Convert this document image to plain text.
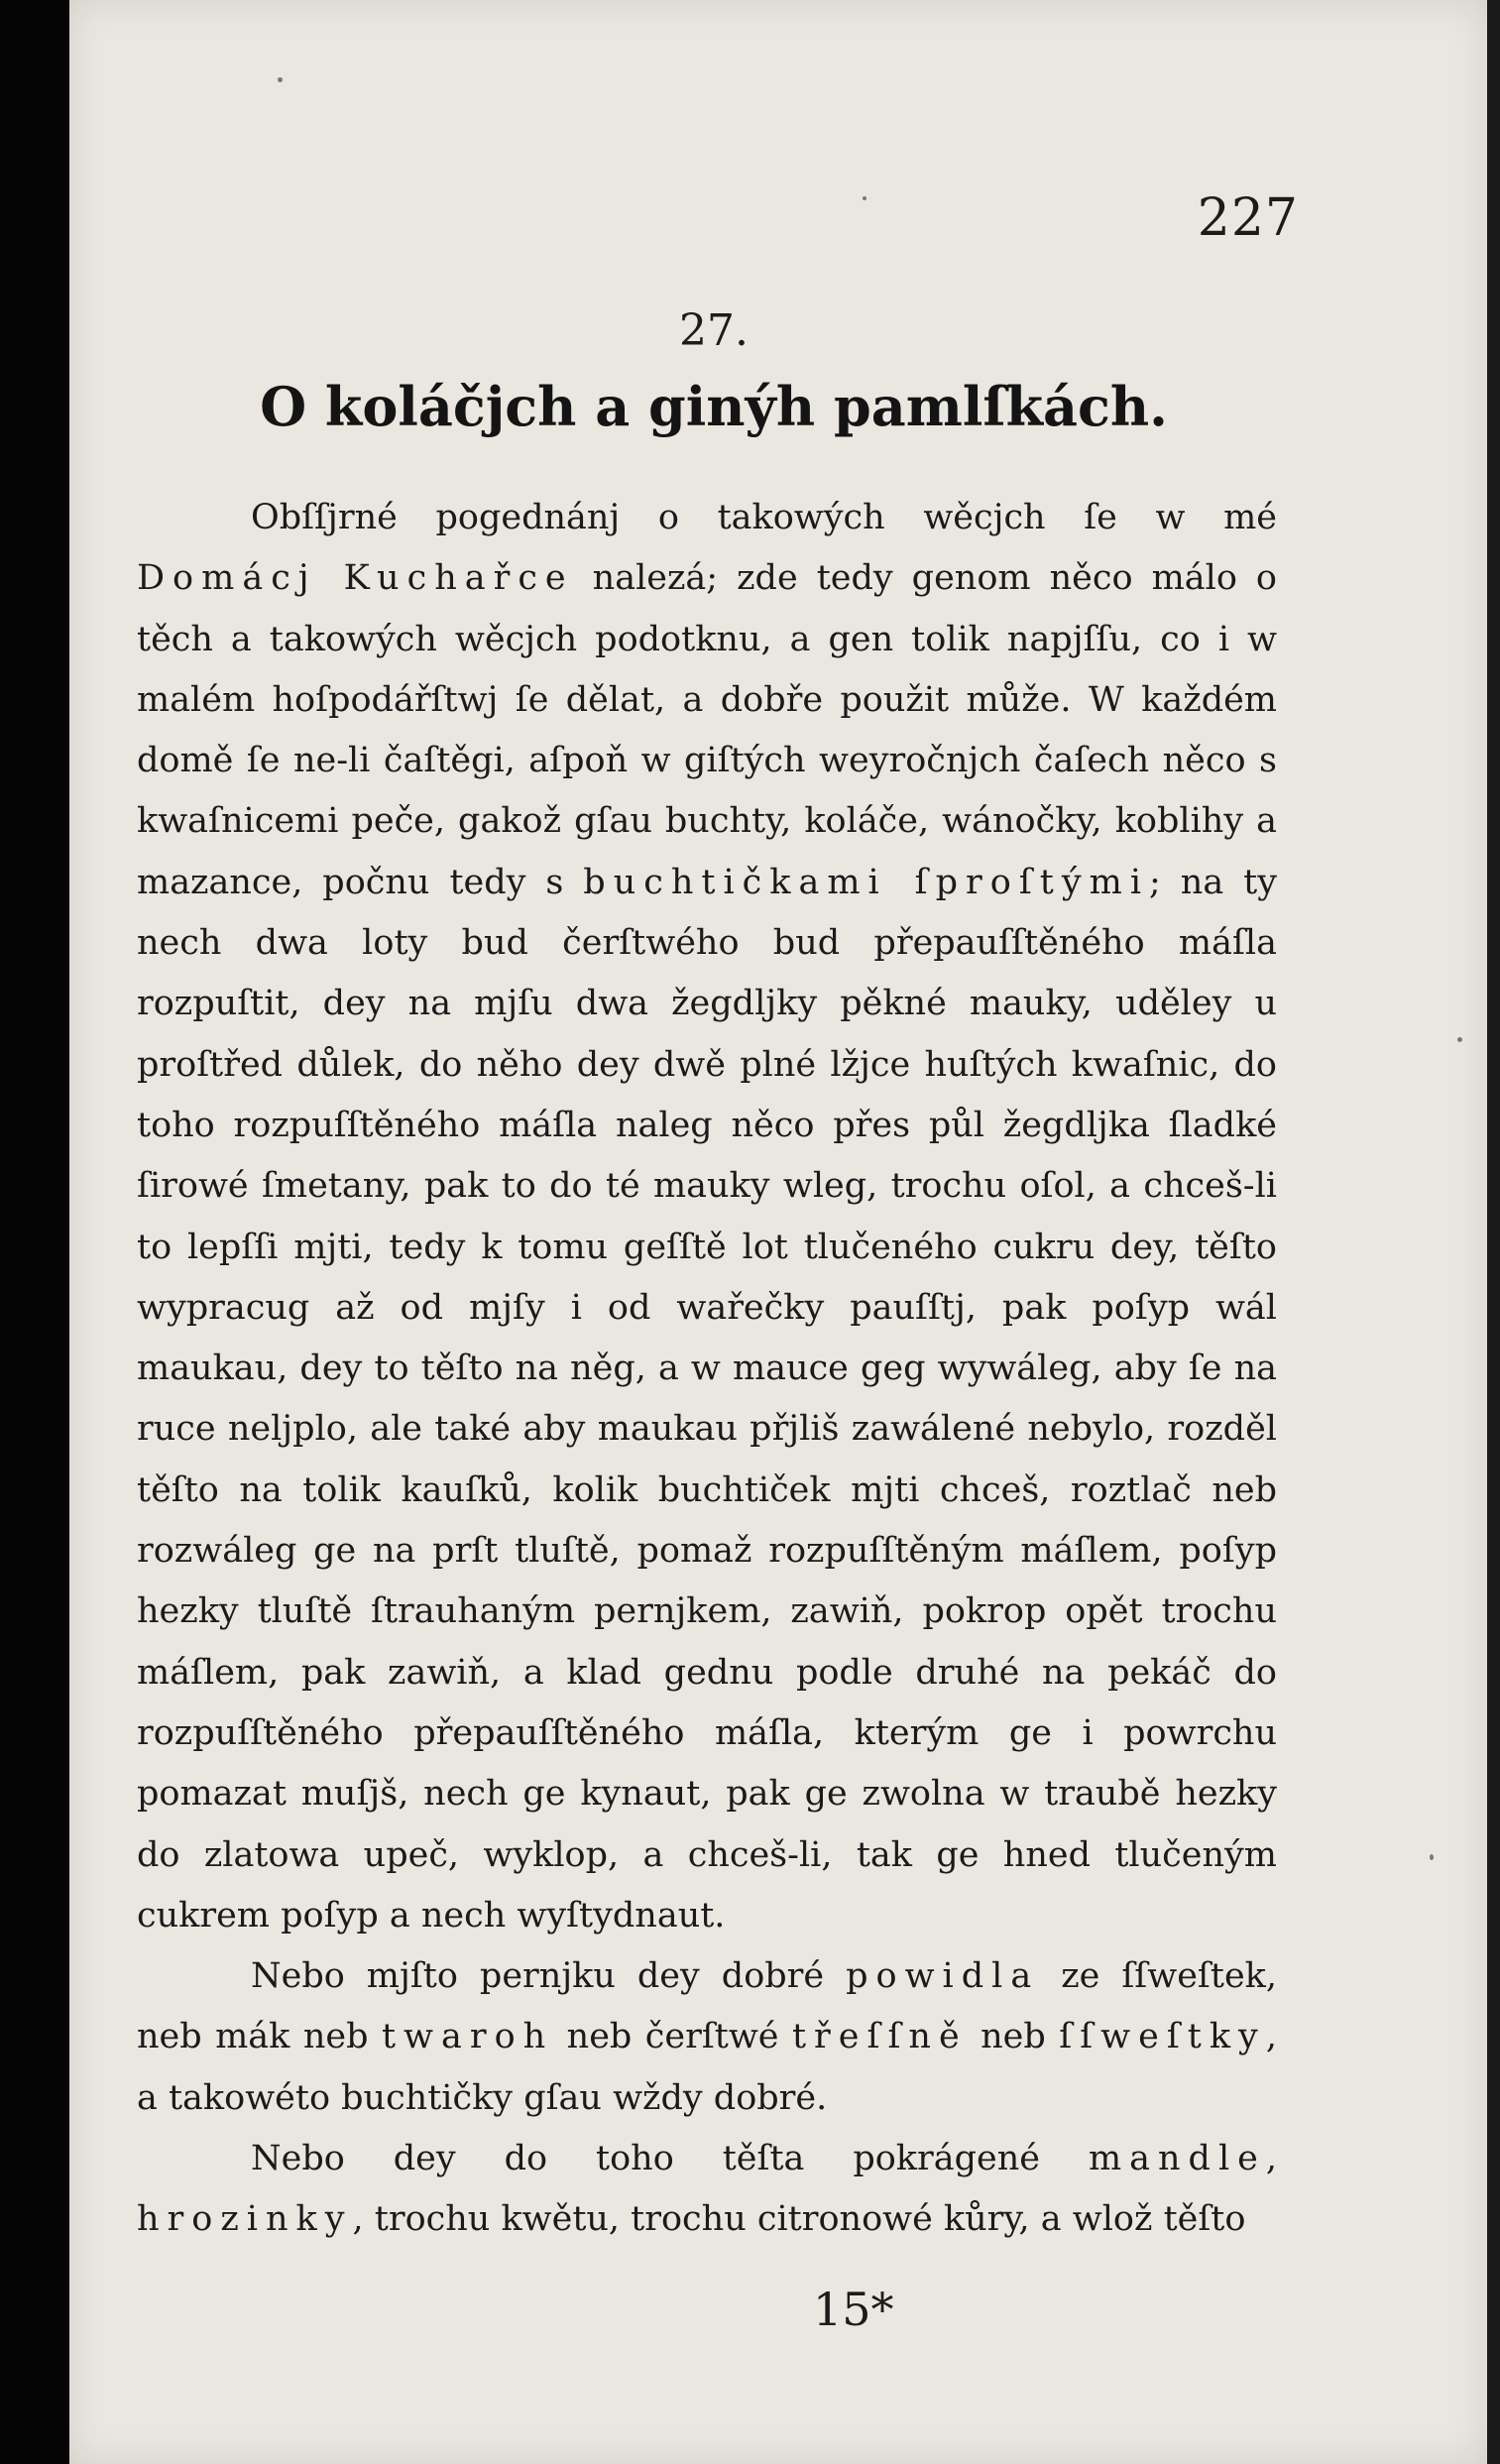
227
27.
O koláčjch a ginýh pamlſkách.

Obſſjrné pogednánj o takowých wěcjch ſe w mé Domácj Kuchařce nalezá; zde tedy genom něco málo o těch a takowých wěcjch podotknu, a gen tolik napjſſu, co i w malém hoſpodářſtwj ſe dělat, a dobře použit může. W každém domě ſe ne-li čaſtěgi, aſpoň w giſtých weyročnjch čaſech něco s kwaſnicemi peče, gakož gſau buchty, koláče, wánočky, koblihy a mazance, počnu tedy s buchtičkami ſproſtými; na ty nech dwa loty bud čerſtwého bud přepauſſtěného máſla rozpuſtit, dey na mjſu dwa žegdljky pěkné mauky, uděley u proſtřed důlek, do něho dey dwě plné lžjce huſtých kwaſnic, do toho rozpuſſtěného máſla naleg něco přes půl žegdljka ſladké ſirowé ſmetany, pak to do té mauky wleg, trochu oſol, a chceš-li to lepſſi mjti, tedy k tomu geſſtě lot tlučeného cukru dey, těſto wypracug až od mjſy i od wařečky pauſſtj, pak poſyp wál maukau, dey to těſto na něg, a w mauce geg wywáleg, aby ſe na ruce neljplo, ale také aby maukau přjliš zawálené nebylo, rozděl těſto na tolik kauſků, kolik buchtiček mjti chceš, roztlač neb rozwáleg ge na prſt tluſtě, pomaž rozpuſſtěným máſlem, poſyp hezky tluſtě ſtrauhaným pernjkem, zawiň, pokrop opět trochu máſlem, pak zawiň, a klad gednu podle druhé na pekáč do rozpuſſtěného přepauſſtěného máſla, kterým ge i powrchu pomazat muſjš, nech ge kynaut, pak ge zwolna w traubě hezky do zlatowa upeč, wyklop, a chceš-li, tak ge hned tlučeným cukrem poſyp a nech wyſtydnaut.

Nebo mjſto pernjku dey dobré powidla ze ſſweſtek, neb mák neb twaroh neb čerſtwé třeſſně neb ſſweſtky, a takowéto buchtičky gſau wždy dobré.

Nebo dey do toho těſta pokrágené mandle, hrozinky, trochu kwětu, trochu citronowé kůry, a wlož těſto

15*
